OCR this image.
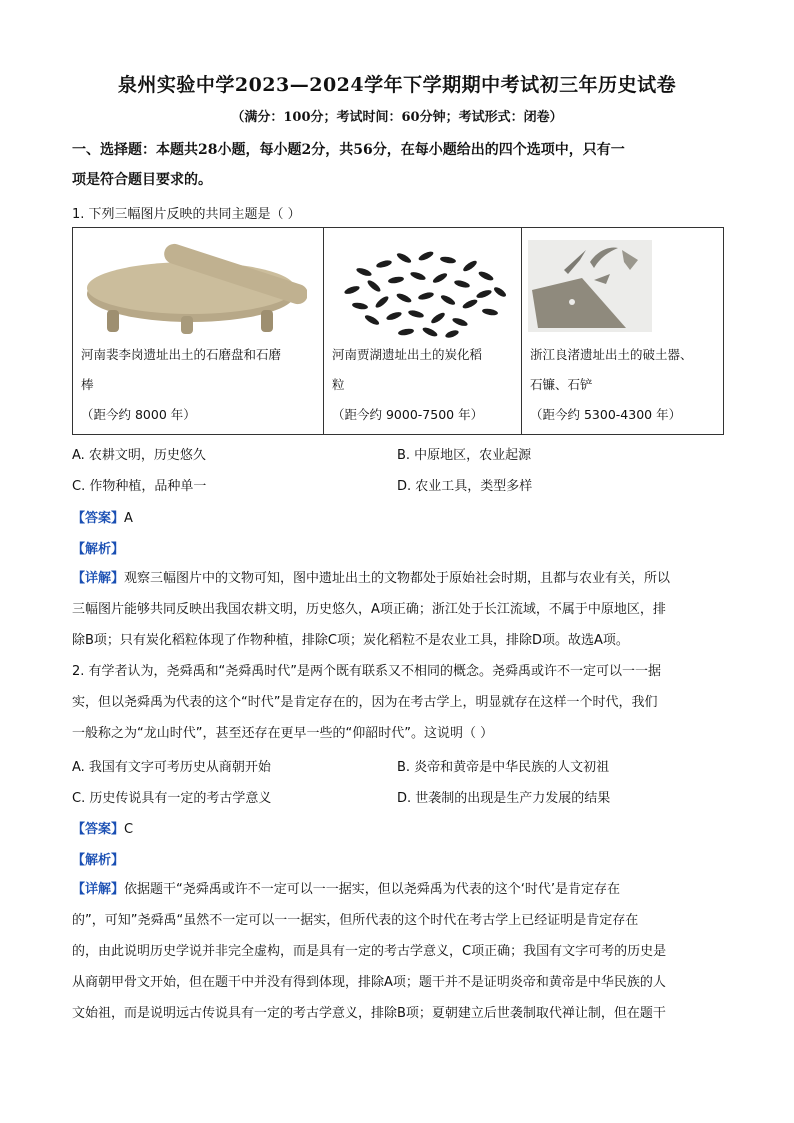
泉州实验中学2023—2024学年下学期期中考试初三年历史试卷
（满分：100分；考试时间：60分钟；考试形式：闭卷）
一、选择题：本题共28小题，每小题2分，共56分，在每小题给出的四个选项中，只有一
项是符合题目要求的。
1. 下列三幅图片反映的共同主题是（ ）
河南裴李岗遗址出土的石磨盘和石磨
棒
（距今约 8000 年）

河南贾湖遗址出土的炭化稻
粒
（距今约 9000-7500 年）

浙江良渚遗址出土的破土器、
石镰、石铲
（距今约 5300-4300 年）
A. 农耕文明，历史悠久	B. 中原地区，农业起源
C. 作物种植，品种单一	D. 农业工具，类型多样
【答案】A
【解析】
【详解】观察三幅图片中的文物可知，图中遗址出土的文物都处于原始社会时期，且都与农业有关，所以
三幅图片能够共同反映出我国农耕文明，历史悠久，A项正确；浙江处于长江流域，不属于中原地区，排
除B项；只有炭化稻粒体现了作物种植，排除C项；炭化稻粒不是农业工具，排除D项。故选A项。
2. 有学者认为，尧舜禹和“尧舜禹时代”是两个既有联系又不相同的概念。尧舜禹或许不一定可以一一据
实，但以尧舜禹为代表的这个“时代”是肯定存在的，因为在考古学上，明显就存在这样一个时代，我们
一般称之为“龙山时代”，甚至还存在更早一些的“仰韶时代”。这说明（ ）
A. 我国有文字可考历史从商朝开始	B. 炎帝和黄帝是中华民族的人文初祖
C. 历史传说具有一定的考古学意义	D. 世袭制的出现是生产力发展的结果
【答案】C
【解析】
【详解】依据题干“尧舜禹或许不一定可以一一据实，但以尧舜禹为代表的这个‘时代’是肯定存在
的”，可知”尧舜禹“虽然不一定可以一一据实，但所代表的这个时代在考古学上已经证明是肯定存在
的，由此说明历史学说并非完全虚构，而是具有一定的考古学意义，C项正确；我国有文字可考的历史是
从商朝甲骨文开始，但在题干中并没有得到体现，排除A项；题干并不是证明炎帝和黄帝是中华民族的人
文始祖，而是说明远古传说具有一定的考古学意义，排除B项；夏朝建立后世袭制取代禅让制，但在题干
